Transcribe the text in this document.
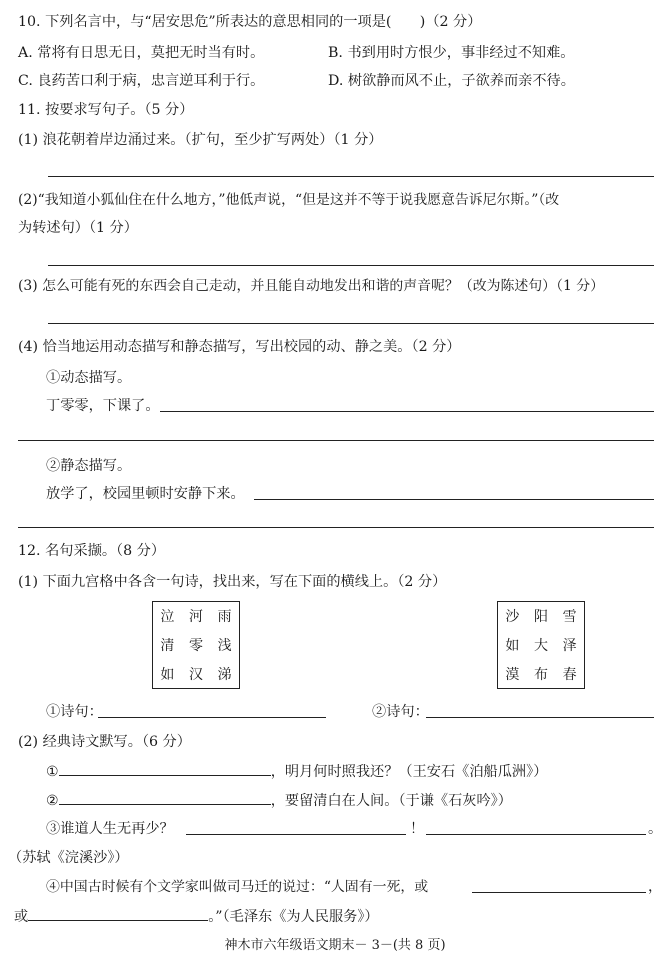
10. 下列名言中，与“居安思危”所表达的意思相同的一项是(　　)（2 分）
A. 常将有日思无日，莫把无时当有时。	B. 书到用时方恨少，事非经过不知难。
C. 良药苦口利于病，忠言逆耳利于行。	D. 树欲静而风不止，子欲养而亲不待。
11. 按要求写句子。（5 分）
(1) 浪花朝着岸边涌过来。（扩句，至少扩写两处）（1 分）
(2)“我知道小狐仙住在什么地方，”他低声说，“但是这并不等于说我愿意告诉尼尔斯。”（改
为转述句）（1 分）
(3) 怎么可能有死的东西会自己走动，并且能自动地发出和谐的声音呢？（改为陈述句）（1 分）
(4) 恰当地运用动态描写和静态描写，写出校园的动、静之美。（2 分）
①动态描写。
丁零零，下课了。
②静态描写。
放学了，校园里顿时安静下来。
12. 名句采撷。（8 分）
(1) 下面九宫格中各含一句诗，找出来，写在下面的横线上。（2 分）
泣	河	雨
清	零	浅
如	汉	涕
沙	阳	雪
如	大	泽
漠	布	春
①诗句：	②诗句：
(2) 经典诗文默写。（6 分）
①	，明月何时照我还？（王安石《泊船瓜洲》）
②	，要留清白在人间。（于谦《石灰吟》）
③谁道人生无再少？	！	。
（苏轼《浣溪沙》）
④中国古时候有个文学家叫做司马迁的说过：“人固有一死，或	，
或	。”（毛泽东《为人民服务》）
神木市六年级语文期末－ 3－(共 8 页)
